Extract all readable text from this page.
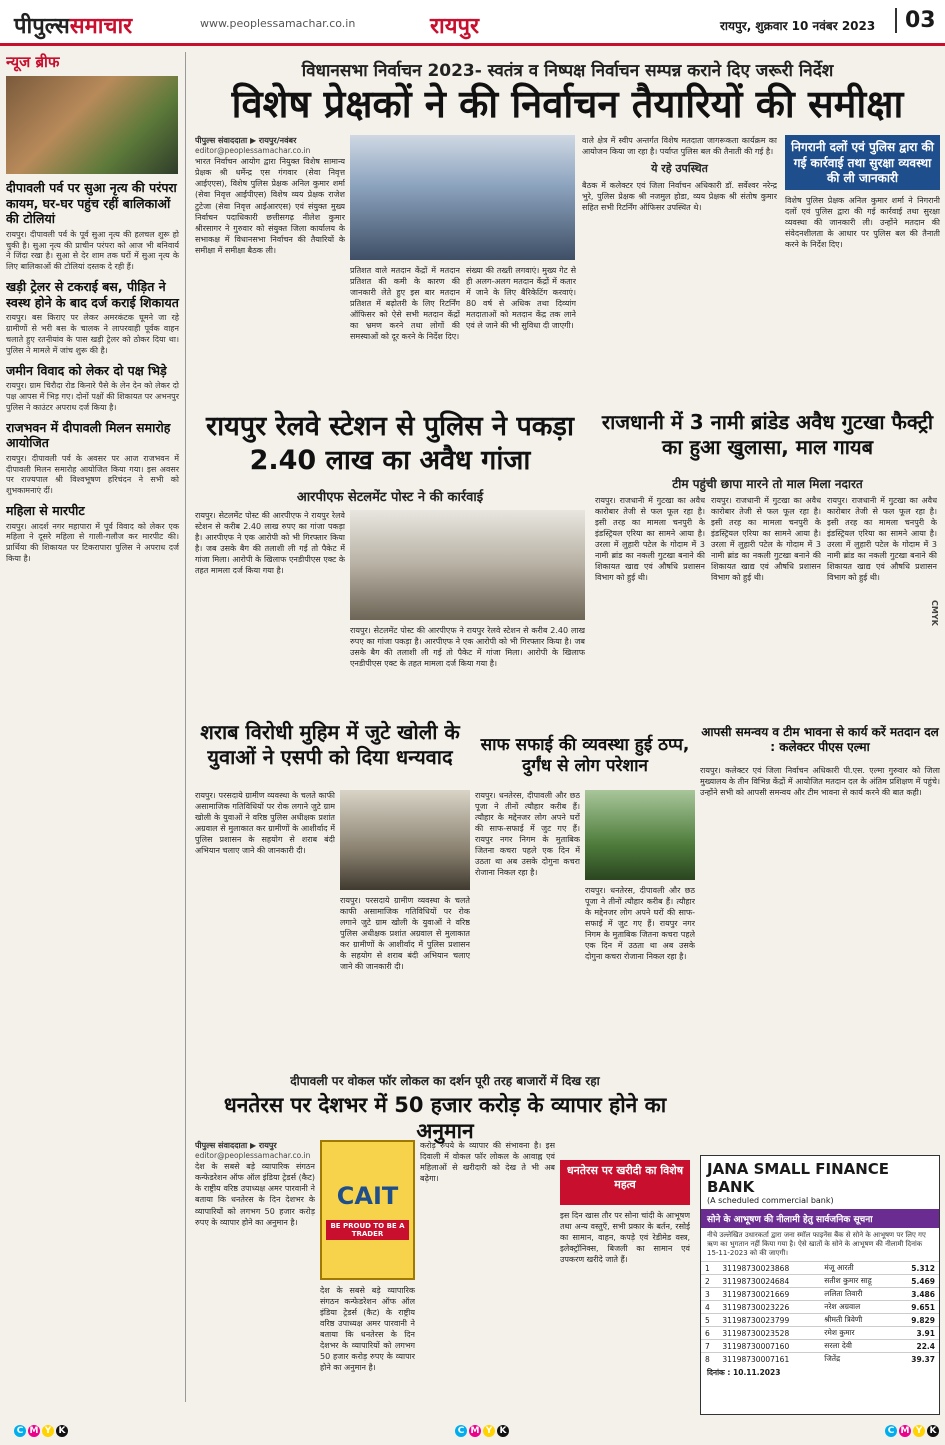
पीपुल्ससमाचार	www.peoplessamachar.co.in	रायपुर	रायपुर, शुक्रवार 10 नवंबर 2023	03
न्यूज ब्रीफ
दीपावली पर्व पर सुआ नृत्य की परंपरा कायम, घर-घर पहुंच रहीं बालिकाओं की टोलियां
रायपुर। दीपावली पर्व के पूर्व सुआ नृत्य की हलचल शुरू हो चुकी है। सुआ नृत्य की प्राचीन परंपरा को आज भी बनिवार्य ने जिंदा रखा है। सुआ से देर शाम तक घरों में सुआ नृत्य के लिए बालिकाओं की टोलियां दस्तक दे रही हैं।
खड़ी ट्रेलर से टकराई बस, पीड़ित ने स्वस्थ होने के बाद दर्ज कराई शिकायत
रायपुर। बस किराए पर लेकर अमरकंटक घूमने जा रहे ग्रामीणों से भरी बस के चालक ने लापरवाही पूर्वक वाहन चलाते हुए रतनीयांव के पास खड़ी ट्रेलर को ठोकर दिया था। पुलिस ने मामले में जांच शुरू की है।
जमीन विवाद को लेकर दो पक्ष भिड़े
रायपुर। ग्राम चिरौदा रोड किनारे पैसे के लेन देन को लेकर दो पक्ष आपस में भिड़ गए। दोनों पक्षों की शिकायत पर अभनपुर पुलिस ने काउंटर अपराध दर्ज किया है।
राजभवन में दीपावली मिलन समारोह आयोजित
रायपुर। दीपावली पर्व के अवसर पर आज राजभवन में दीपावली मिलन समारोह आयोजित किया गया। इस अवसर पर राज्यपाल श्री विश्वभूषण हरिचंदन ने सभी को शुभकामनाएं दीं।
महिला से मारपीट
रायपुर। आदर्श नगर महापारा में पूर्व विवाद को लेकर एक महिला ने दूसरे महिला से गाली-गलौज कर मारपीट की। प्रार्थिया की शिकायत पर टिकरापारा पुलिस ने अपराध दर्ज किया है।
विधानसभा निर्वाचन 2023- स्वतंत्र व निष्पक्ष निर्वाचन सम्पन्न कराने दिए जरूरी निर्देश
विशेष प्रेक्षकों ने की निर्वाचन तैयारियों की समीक्षा
पीपुल्स संवाददाता ▶ रायपुर/नवंबर
editor@peoplessamachar.co.in

भारत निर्वाचन आयोग द्वारा नियुक्त विशेष सामान्य प्रेक्षक श्री धर्मेन्द्र एस गंगवार (सेवा निवृत्त आईएएस), विशेष पुलिस प्रेक्षक अनिल कुमार शर्मा (सेवा निवृत्त आईपीएस) विशेष व्यय प्रेक्षक राजेश टुटेजा (सेवा निवृत्त आईआरएस) एवं संयुक्त मुख्य निर्वाचन पदाधिकारी छत्तीसगढ़ नीलेश कुमार श्रीरसागर ने गुरुवार को संयुक्त जिला कार्यालय के सभाकक्ष में विधानसभा निर्वाचन की तैयारियों के समीक्षा में समीक्षा बैठक ली।

प्रतिशत वाले मतदान केंद्रों में मतदान प्रतिशत की कमी के कारण की जानकारी लेते हुए इस बार मतदान प्रतिशत में बढ़ोतरी के लिए रिटर्निंग ऑफिसर को ऐसे सभी मतदान केंद्रों का भ्रमण करने तथा लोगों की समस्याओं को दूर करने के निर्देश दिए।

संख्या की तख्ती लगवाएं। मुख्य गेट से ही अलग-अलग मतदान केंद्रों में कतार में जाने के लिए बैरिकेटिंग करवाएं। 80 वर्ष से अधिक तथा दिव्यांग मतदाताओं को मतदान केंद्र तक लाने एवं ले जाने की भी सुविधा दी जाएगी।

वाले क्षेत्र में स्वीप अन्तर्गत विशेष मतदाता जागरूकता कार्यक्रम का आयोजन किया जा रहा है। पर्याप्त पुलिस बल की तैनाती की गई है।

ये रहे उपस्थित

बैठक में कलेक्टर एवं जिला निर्वाचन अधिकारी डॉ. सर्वेश्वर नरेन्द्र भुरे, पुलिस प्रेक्षक श्री नजमुल होडा, व्यय प्रेक्षक श्री संतोष कुमार सहित सभी रिटर्निंग ऑफिसर उपस्थित थे।

निगरानी दलों एवं पुलिस द्वारा की गई कार्रवाई तथा सुरक्षा व्यवस्था की ली जानकारी

विशेष पुलिस प्रेक्षक अनिल कुमार शर्मा ने निगरानी दलों एवं पुलिस द्वारा की गई कार्रवाई तथा सुरक्षा व्यवस्था की जानकारी ली। उन्होंने मतदान की संवेदनशीलता के आधार पर पुलिस बल की तैनाती करने के निर्देश दिए।

रायपुर रेलवे स्टेशन से पुलिस ने पकड़ा 2.40 लाख का अवैध गांजा
आरपीएफ सेटलमेंट पोस्ट ने की कार्रवाई

रायपुर। सेटलमेंट पोस्ट की आरपीएफ ने रायपुर रेलवे स्टेशन से करीब 2.40 लाख रुपए का गांजा पकड़ा है। आरपीएफ ने एक आरोपी को भी गिरफ्तार किया है। जब उसके बैग की तलाशी ली गई तो पैकेट में गांजा मिला। आरोपी के खिलाफ एनडीपीएस एक्ट के तहत मामला दर्ज किया गया है।

रायपुर। सेटलमेंट पोस्ट की आरपीएफ ने रायपुर रेलवे स्टेशन से करीब 2.40 लाख रुपए का गांजा पकड़ा है। आरपीएफ ने एक आरोपी को भी गिरफ्तार किया है। जब उसके बैग की तलाशी ली गई तो पैकेट में गांजा मिला। आरोपी के खिलाफ एनडीपीएस एक्ट के तहत मामला दर्ज किया गया है।

राजधानी में 3 नामी ब्रांडेड अवैध गुटखा फैक्ट्री का हुआ खुलासा, माल गायब
टीम पहुंची छापा मारने तो माल मिला नदारत

रायपुर। राजधानी में गुटखा का अवैध कारोबार तेजी से फल फूल रहा है। इसी तरह का मामला चनपुरी के इंडस्ट्रियल एरिया का सामने आया है। उरला में लुहारी पटेल के गोदाम में 3 नामी ब्रांड का नकली गुटखा बनाने की शिकायत खाद्य एवं औषधि प्रशासन विभाग को हुई थी।

रायपुर। राजधानी में गुटखा का अवैध कारोबार तेजी से फल फूल रहा है। इसी तरह का मामला चनपुरी के इंडस्ट्रियल एरिया का सामने आया है। उरला में लुहारी पटेल के गोदाम में 3 नामी ब्रांड का नकली गुटखा बनाने की शिकायत खाद्य एवं औषधि प्रशासन विभाग को हुई थी।

रायपुर। राजधानी में गुटखा का अवैध कारोबार तेजी से फल फूल रहा है। इसी तरह का मामला चनपुरी के इंडस्ट्रियल एरिया का सामने आया है। उरला में लुहारी पटेल के गोदाम में 3 नामी ब्रांड का नकली गुटखा बनाने की शिकायत खाद्य एवं औषधि प्रशासन विभाग को हुई थी।

आपसी समन्वय व टीम भावना से कार्य करें मतदान दल : कलेक्टर पीएस एल्मा

रायपुर। कलेक्टर एवं जिला निर्वाचन अधिकारी पी.एस. एल्मा गुरुवार को जिला मुख्यालय के तीन विभिन्न केंद्रों में आयोजित मतदान दल के अंतिम प्रशिक्षण में पहुंचे। उन्होंने सभी को आपसी समन्वय और टीम भावना से कार्य करने की बात कही।

शराब विरोधी मुहिम में जुटे खोली के युवाओं ने एसपी को दिया धन्यवाद

रायपुर। परसदाये ग्रामीण व्यवस्था के चलते काफी असामाजिक गतिविधियों पर रोक लगाने जुटे ग्राम खोली के युवाओं ने वरिष्ठ पुलिस अधीक्षक प्रशांत अग्रवाल से मुलाकात कर ग्रामीणों के आशीर्वाद में पुलिस प्रशासन के सहयोग से शराब बंदी अभियान चलाए जाने की जानकारी दी।

रायपुर। परसदाये ग्रामीण व्यवस्था के चलते काफी असामाजिक गतिविधियों पर रोक लगाने जुटे ग्राम खोली के युवाओं ने वरिष्ठ पुलिस अधीक्षक प्रशांत अग्रवाल से मुलाकात कर ग्रामीणों के आशीर्वाद में पुलिस प्रशासन के सहयोग से शराब बंदी अभियान चलाए जाने की जानकारी दी।

साफ सफाई की व्यवस्था हुई ठप्प, दुर्गंध से लोग परेशान

रायपुर। धनतेरस, दीपावली और छठ पूजा ने तीनों त्यौहार करीब हैं। त्यौहार के मद्देनजर लोग अपने घरों की साफ-सफाई में जुट गए हैं। रायपुर नगर निगम के मुताबिक जितना कचरा पहले एक दिन में उठता था अब उसके दोगुना कचरा रोजाना निकल रहा है।

रायपुर। धनतेरस, दीपावली और छठ पूजा ने तीनों त्यौहार करीब हैं। त्यौहार के मद्देनजर लोग अपने घरों की साफ-सफाई में जुट गए हैं। रायपुर नगर निगम के मुताबिक जितना कचरा पहले एक दिन में उठता था अब उसके दोगुना कचरा रोजाना निकल रहा है।

दीपावली पर वोकल फॉर लोकल का दर्शन पूरी तरह बाजारों में दिख रहा
धनतेरस पर देशभर में 50 हजार करोड़ के व्यापार होने का अनुमान
पीपुल्स संवाददाता ▶ रायपुर
editor@peoplessamachar.co.in

देश के सबसे बड़े व्यापारिक संगठन कन्फेडरेशन ऑफ ऑल इंडिया ट्रेडर्स (कैट) के राष्ट्रीय वरिष्ठ उपाध्यक्ष अमर पारवानी ने बताया कि धनतेरस के दिन देशभर के व्यापारियों को लगभग 50 हजार करोड़ रुपए के व्यापार होने का अनुमान है।

CAIT
BE PROUD TO BE A TRADER

देश के सबसे बड़े व्यापारिक संगठन कन्फेडरेशन ऑफ ऑल इंडिया ट्रेडर्स (कैट) के राष्ट्रीय वरिष्ठ उपाध्यक्ष अमर पारवानी ने बताया कि धनतेरस के दिन देशभर के व्यापारियों को लगभग 50 हजार करोड़ रुपए के व्यापार होने का अनुमान है।

करोड़ रुपये के व्यापार की संभावना है। इस दिवाली में वोकल फॉर लोकल के आवाह्न एवं महिलाओं से खरीदारी को देख ते भी अब बढ़ेगा।

धनतेरस पर खरीदी का विशेष महत्व

इस दिन खास तौर पर सोना चांदी के आभूषण तथा अन्य वस्तुएँ, सभी प्रकार के बर्तन, रसोई का सामान, वाहन, कपड़े एवं रेडीमेड वस्त्र, इलेक्ट्रॉनिक्स, बिजली का सामान एवं उपकरण खरीदे जाते हैं।

JANA SMALL FINANCE BANK
(A scheduled commercial bank)
सोने के आभूषण की नीलामी हेतु सार्वजनिक सूचना
नीचे उल्लेखित उधारकर्ता द्वारा जना स्मॉल फाइनेंस बैंक से सोने के आभूषण पर लिए गए ऋण का भुगतान नहीं किया गया है। ऐसे खातों के सोने के आभूषण की नीलामी दिनांक 15-11-2023 को की जाएगी।
1	31198730023868	मंजू आरती	5.312
2	31198730024684	सतीश कुमार साहू	5.469
3	31198730021669	ललिता तिवारी	3.486
4	31198730023226	नरेश अग्रवाल	9.651
5	31198730023799	श्रीमती त्रिवेणी	9.829
6	31198730023528	रमेश कुमार	3.91
7	31198730007160	सरला देवी	22.4
8	31198730007161	जितेंद्र	39.37
दिनांक : 10.11.2023
C M Y K	C M Y K	C M Y K
CMYK
